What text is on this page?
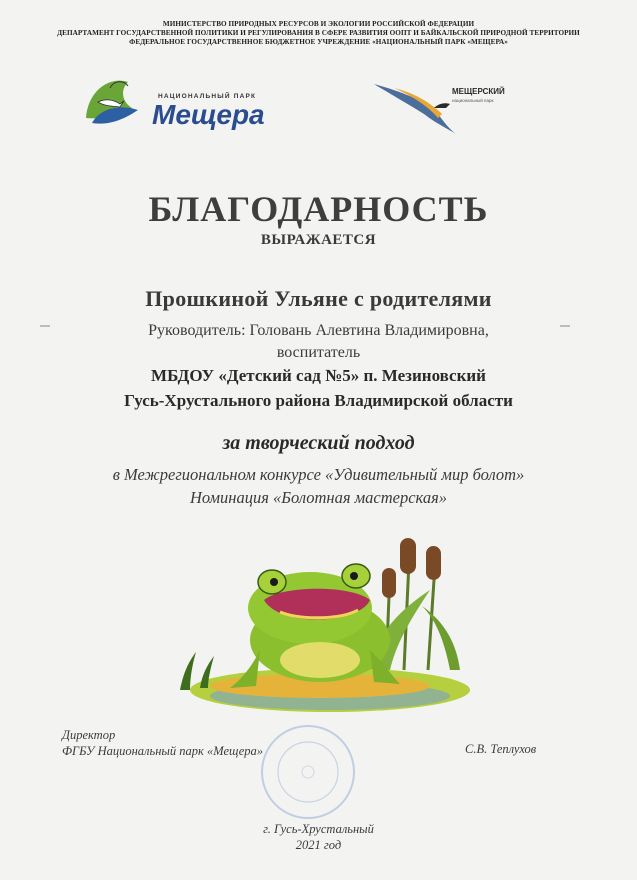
МИНИСТЕРСТВО ПРИРОДНЫХ РЕСУРСОВ И ЭКОЛОГИИ РОССИЙСКОЙ ФЕДЕРАЦИИ
ДЕПАРТАМЕНТ ГОСУДАРСТВЕННОЙ ПОЛИТИКИ И РЕГУЛИРОВАНИЯ В СФЕРЕ РАЗВИТИЯ ООПТ И БАЙКАЛЬСКОЙ ПРИРОДНОЙ ТЕРРИТОРИИ
ФЕДЕРАЛЬНОЕ ГОСУДАРСТВЕННОЕ БЮДЖЕТНОЕ УЧРЕЖДЕНИЕ «НАЦИОНАЛЬНЫЙ ПАРК «МЕЩЕРА»
НАЦИОНАЛЬНЫЙ ПАРК
Мещера
МЕЩЕРСКИЙ
национальный парк
БЛАГОДАРНОСТЬ
ВЫРАЖАЕТСЯ
Прошкиной Ульяне с родителями
Руководитель: Головань Алевтина Владимировна,
воспитатель
МБДОУ «Детский сад №5» п. Мезиновский
Гусь-Хрустального района Владимирской области
за творческий подход
в Межрегиональном конкурсе «Удивительный мир болот»
Номинация «Болотная мастерская»
Директор
ФГБУ Национальный парк «Мещера»	С.В. Теплухов
г. Гусь-Хрустальный
2021 год
